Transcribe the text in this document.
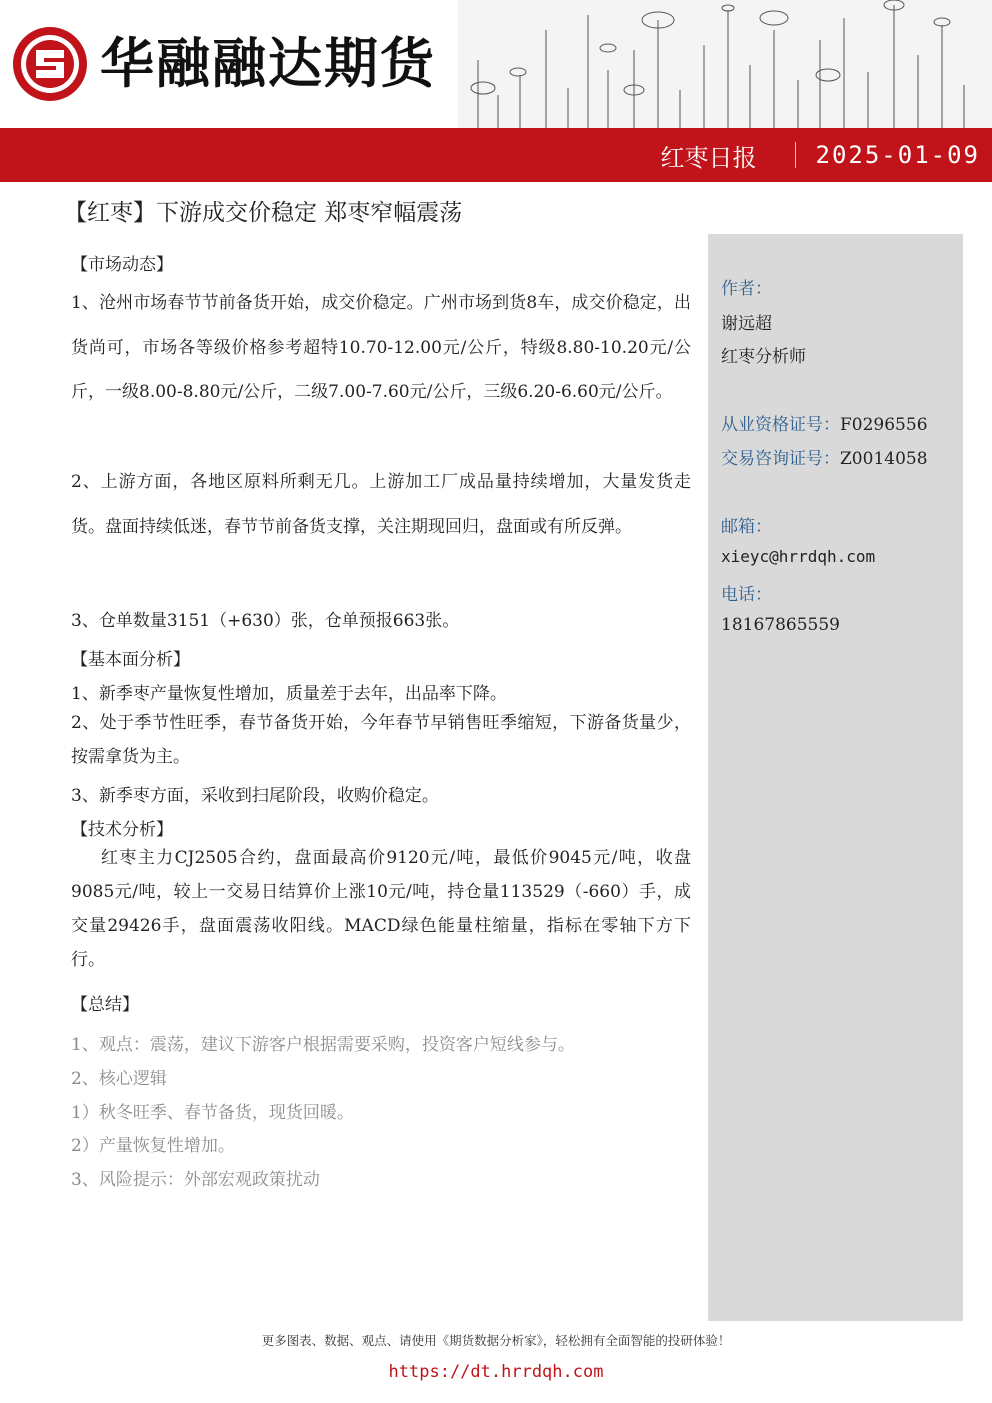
华融融达期货
红枣日报 2025-01-09
【红枣】下游成交价稳定 郑枣窄幅震荡
【市场动态】
1、沧州市场春节节前备货开始，成交价稳定。广州市场到货8车，成交价稳定，出货尚可，市场各等级价格参考超特10.70-12.00元/公斤，特级8.80-10.20元/公斤，一级8.00-8.80元/公斤，二级7.00-7.60元/公斤，三级6.20-6.60元/公斤。
2、上游方面，各地区原料所剩无几。上游加工厂成品量持续增加，大量发货走货。盘面持续低迷，春节节前备货支撑，关注期现回归，盘面或有所反弹。
3、仓单数量3151（+630）张，仓单预报663张。
【基本面分析】
1、新季枣产量恢复性增加，质量差于去年，出品率下降。
2、处于季节性旺季，春节备货开始，今年春节早销售旺季缩短，下游备货量少，按需拿货为主。
3、新季枣方面，采收到扫尾阶段，收购价稳定。
【技术分析】
红枣主力CJ2505合约，盘面最高价9120元/吨，最低价9045元/吨，收盘9085元/吨，较上一交易日结算价上涨10元/吨，持仓量113529（-660）手，成交量29426手，盘面震荡收阳线。MACD绿色能量柱缩量，指标在零轴下方下行。
【总结】
1、观点：震荡，建议下游客户根据需要采购，投资客户短线参与。
2、核心逻辑
1）秋冬旺季、春节备货，现货回暖。
2）产量恢复性增加。
3、风险提示：外部宏观政策扰动
作者：
谢远超
红枣分析师
从业资格证号：F0296556
交易咨询证号：Z0014058
邮箱：
xieyc@hrrdqh.com
电话：
18167865559
更多图表、数据、观点、请使用《期货数据分析家》，轻松拥有全面智能的投研体验！
https://dt.hrrdqh.com
